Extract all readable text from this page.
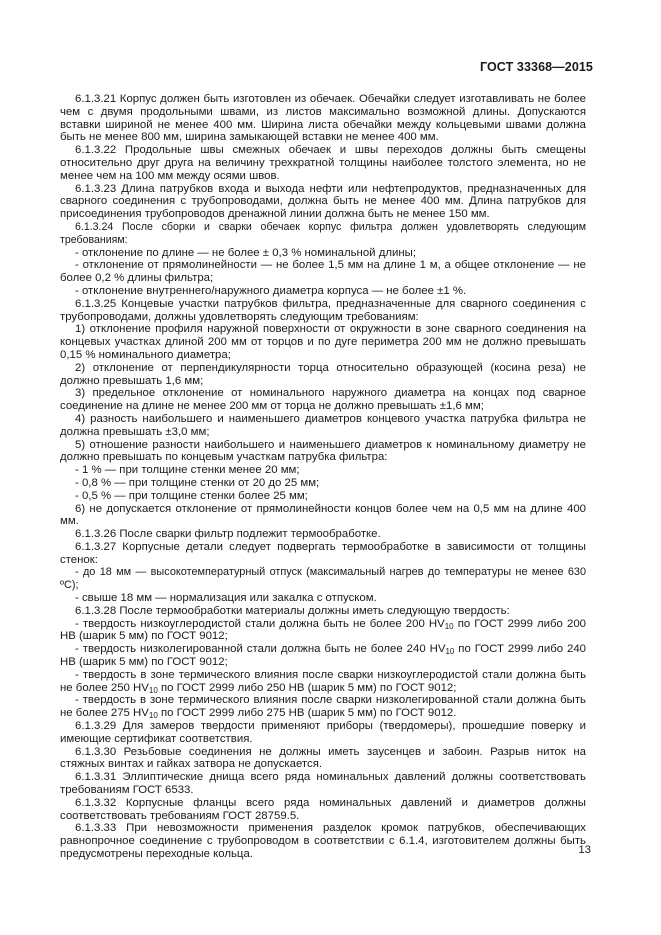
ГОСТ 33368—2015

6.1.3.21 Корпус должен быть изготовлен из обечаек. Обечайки следует изготавливать не более чем с двумя продольными швами, из листов максимально возможной длины. Допускаются вставки шириной не менее 400 мм. Ширина листа обечайки между кольцевыми швами должна быть не менее 800 мм, ширина замыкающей вставки не менее 400 мм.

6.1.3.22 Продольные швы смежных обечаек и швы переходов должны быть смещены относительно друг друга на величину трехкратной толщины наиболее толстого элемента, но не менее чем на 100 мм между осями швов.

6.1.3.23 Длина патрубков входа и выхода нефти или нефтепродуктов, предназначенных для сварного соединения с трубопроводами, должна быть не менее 400 мм. Длина патрубков для присоединения трубопроводов дренажной линии должна быть не менее 150 мм.

6.1.3.24 После сборки и сварки обечаек корпус фильтра должен удовлетворять следующим требованиям:

- отклонение по длине — не более ± 0,3 % номинальной длины;

- отклонение от прямолинейности — не более 1,5 мм на длине 1 м, а общее отклонение — не более 0,2 % длины фильтра;

- отклонение внутреннего/наружного диаметра корпуса — не более ±1 %.

6.1.3.25 Концевые участки патрубков фильтра, предназначенные для сварного соединения с трубопроводами, должны удовлетворять следующим требованиям:

1) отклонение профиля наружной поверхности от окружности в зоне сварного соединения на концевых участках длиной 200 мм от торцов и по дуге периметра 200 мм не должно превышать 0,15 % номинального диаметра;

2) отклонение от перпендикулярности торца относительно образующей (косина реза) не должно превышать 1,6 мм;

3) предельное отклонение от номинального наружного диаметра на концах под сварное соединение на длине не менее 200 мм от торца не должно превышать ±1,6 мм;

4) разность наибольшего и наименьшего диаметров концевого участка патрубка фильтра не должна превышать ±3,0 мм;

5) отношение разности наибольшего и наименьшего диаметров к номинальному диаметру не должно превышать по концевым участкам патрубка фильтра:

- 1 % — при толщине стенки менее 20 мм;

- 0,8 % — при толщине стенки от 20 до 25 мм;

- 0,5 % — при толщине стенки более 25 мм;

6) не допускается отклонение от прямолинейности концов более чем на 0,5 мм на длине 400 мм.

6.1.3.26 После сварки фильтр подлежит термообработке.

6.1.3.27 Корпусные детали следует подвергать термообработке в зависимости от толщины стенок:

- до 18 мм — высокотемпературный отпуск (максимальный нагрев до температуры не менее 630 ºС);

- свыше 18 мм — нормализация или закалка с отпуском.

6.1.3.28 После термообработки материалы должны иметь следующую твердость:

- твердость низкоуглеродистой стали должна быть не более 200 $HV_{10}$ по ГОСТ 2999 либо 200 НВ (шарик 5 мм) по ГОСТ 9012;

- твердость низколегированной стали должна быть не более 240 $HV_{10}$ по ГОСТ 2999 либо 240 НВ (шарик 5 мм) по ГОСТ 9012;

- твердость в зоне термического влияния после сварки низкоуглеродистой стали должна быть не более 250 $HV_{10}$ по ГОСТ 2999 либо 250 НВ (шарик 5 мм) по ГОСТ 9012;

- твердость в зоне термического влияния после сварки низколегированной стали должна быть не более 275 $HV_{10}$ по ГОСТ 2999 либо 275 НВ (шарик 5 мм) по ГОСТ 9012.

6.1.3.29 Для замеров твердости применяют приборы (твердомеры), прошедшие поверку и имеющие сертификат соответствия.

6.1.3.30 Резьбовые соединения не должны иметь заусенцев и забоин. Разрыв ниток на стяжных винтах и гайках затвора не допускается.

6.1.3.31 Эллиптические днища всего ряда номинальных давлений должны соответствовать требованиям ГОСТ 6533.

6.1.3.32 Корпусные фланцы всего ряда номинальных давлений и диаметров должны соответствовать требованиям ГОСТ 28759.5.

6.1.3.33 При невозможности применения разделок кромок патрубков, обеспечивающих равнопрочное соединение с трубопроводом в соответствии с 6.1.4, изготовителем должны быть предусмотрены переходные кольца.	13
